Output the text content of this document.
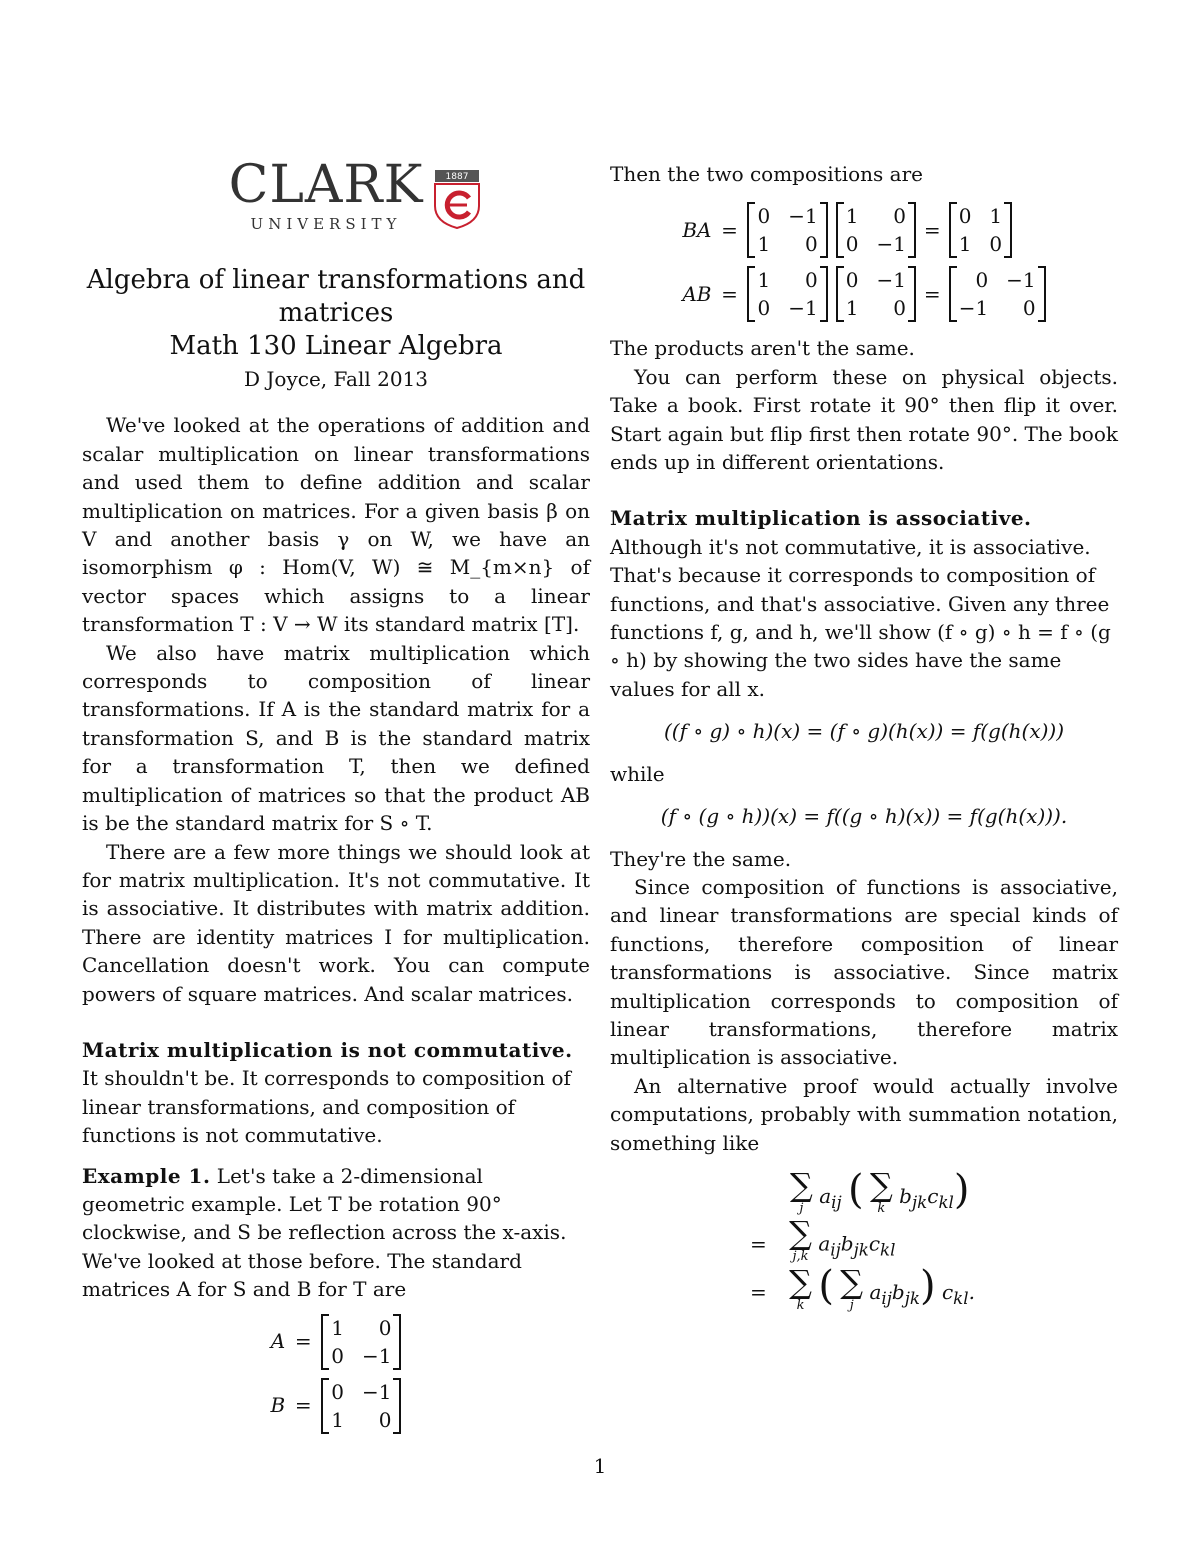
CLARK
UNIVERSITY
1887
Algebra of linear transformations and matrices
Math 130 Linear Algebra
D Joyce, Fall 2013

We've looked at the operations of addition and scalar multiplication on linear transformations and used them to define addition and scalar multiplication on matrices. For a given basis β on V and another basis γ on W, we have an isomorphism φ : Hom(V, W) ≅ M_{m×n} of vector spaces which assigns to a linear transformation T : V → W its standard matrix [T].

We also have matrix multiplication which corresponds to composition of linear transformations. If A is the standard matrix for a transformation S, and B is the standard matrix for a transformation T, then we defined multiplication of matrices so that the product AB is be the standard matrix for S ∘ T.

There are a few more things we should look at for matrix multiplication. It's not commutative. It is associative. It distributes with matrix addition. There are identity matrices I for multiplication. Cancellation doesn't work. You can compute powers of square matrices. And scalar matrices.

Matrix multiplication is not commutative. It shouldn't be. It corresponds to composition of linear transformations, and composition of functions is not commutative.

Example 1. Let's take a 2-dimensional geometric example. Let T be rotation 90° clockwise, and S be reflection across the x-axis. We've looked at those before. The standard matrices A for S and B for T are

A =
1	0
0 −1
B =
0 −1
1	0

Then the two compositions are

BA =
0 −1
1	0
1	0
0 −1
=
0 1
1 0
AB =
1	0
0 −1
0 −1
1	0
=
0 −1
−1	0

The products aren't the same.

You can perform these on physical objects. Take a book. First rotate it 90° then flip it over. Start again but flip first then rotate 90°. The book ends up in different orientations.

Matrix multiplication is associative. Although it's not commutative, it is associative. That's because it corresponds to composition of functions, and that's associative. Given any three functions f, g, and h, we'll show (f ∘ g) ∘ h = f ∘ (g ∘ h) by showing the two sides have the same values for all x.

((f ∘ g) ∘ h)(x) = (f ∘ g)(h(x)) = f(g(h(x)))

while

(f ∘ (g ∘ h))(x) = f((g ∘ h)(x)) = f(g(h(x))).

They're the same.

Since composition of functions is associative, and linear transformations are special kinds of functions, therefore composition of linear transformations is associative. Since matrix multiplication corresponds to composition of linear transformations, therefore matrix multiplication is associative.

An alternative proof would actually involve computations, probably with summation notation, something like

∑
j
$a_{ij}$ ( ∑
k
$b_{jk}c_{kl}$)
= ∑
j,k
$a_{ij}b_{jk}c_{kl}$
= ∑
k ( ∑
j
$a_{ij}b_{jk}$) $c_{kl}$.
1
